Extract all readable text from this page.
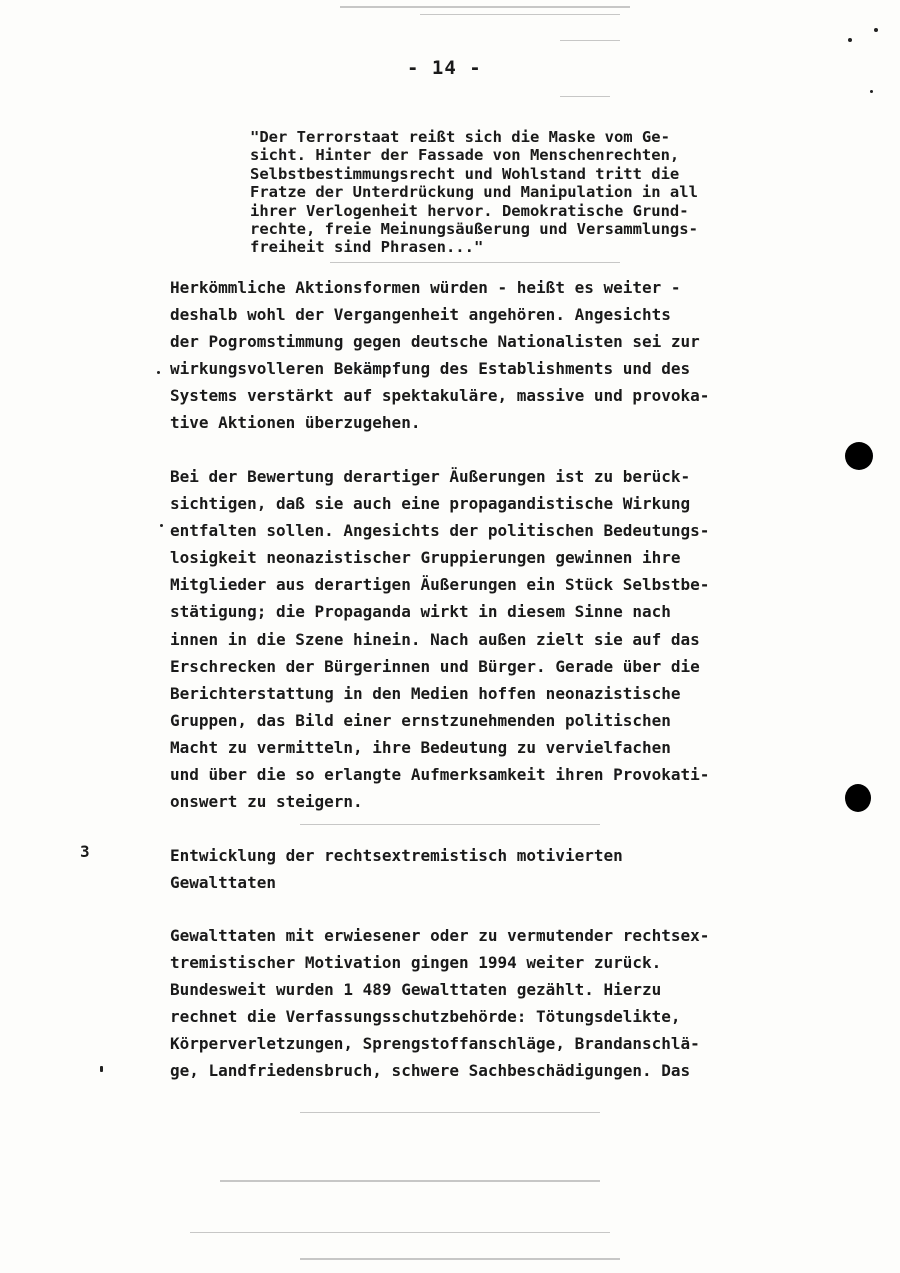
- 14 -
"Der Terrorstaat reißt sich die Maske vom Ge-
sicht. Hinter der Fassade von Menschenrechten,
Selbstbestimmungsrecht und Wohlstand tritt die
Fratze der Unterdrückung und Manipulation in all
ihrer Verlogenheit hervor. Demokratische Grund-
rechte, freie Meinungsäußerung und Versammlungs-
freiheit sind Phrasen..."
Herkömmliche Aktionsformen würden - heißt es weiter -
deshalb wohl der Vergangenheit angehören. Angesichts
der Pogromstimmung gegen deutsche Nationalisten sei zur
wirkungsvolleren Bekämpfung des Establishments und des
Systems verstärkt auf spektakuläre, massive und provoka-
tive Aktionen überzugehen.
Bei der Bewertung derartiger Äußerungen ist zu berück-
sichtigen, daß sie auch eine propagandistische Wirkung
entfalten sollen. Angesichts der politischen Bedeutungs-
losigkeit neonazistischer Gruppierungen gewinnen ihre
Mitglieder aus derartigen Äußerungen ein Stück Selbstbe-
stätigung; die Propaganda wirkt in diesem Sinne nach
innen in die Szene hinein. Nach außen zielt sie auf das
Erschrecken der Bürgerinnen und Bürger. Gerade über die
Berichterstattung in den Medien hoffen neonazistische
Gruppen, das Bild einer ernstzunehmenden politischen
Macht zu vermitteln, ihre Bedeutung zu vervielfachen
und über die so erlangte Aufmerksamkeit ihren Provokati-
onswert zu steigern.
3	Entwicklung der rechtsextremistisch motivierten
Gewalttaten
Gewalttaten mit erwiesener oder zu vermutender rechtsex-
tremistischer Motivation gingen 1994 weiter zurück.
Bundesweit wurden 1 489 Gewalttaten gezählt. Hierzu
rechnet die Verfassungsschutzbehörde: Tötungsdelikte,
Körperverletzungen, Sprengstoffanschläge, Brandanschlä-
ge, Landfriedensbruch, schwere Sachbeschädigungen. Das
